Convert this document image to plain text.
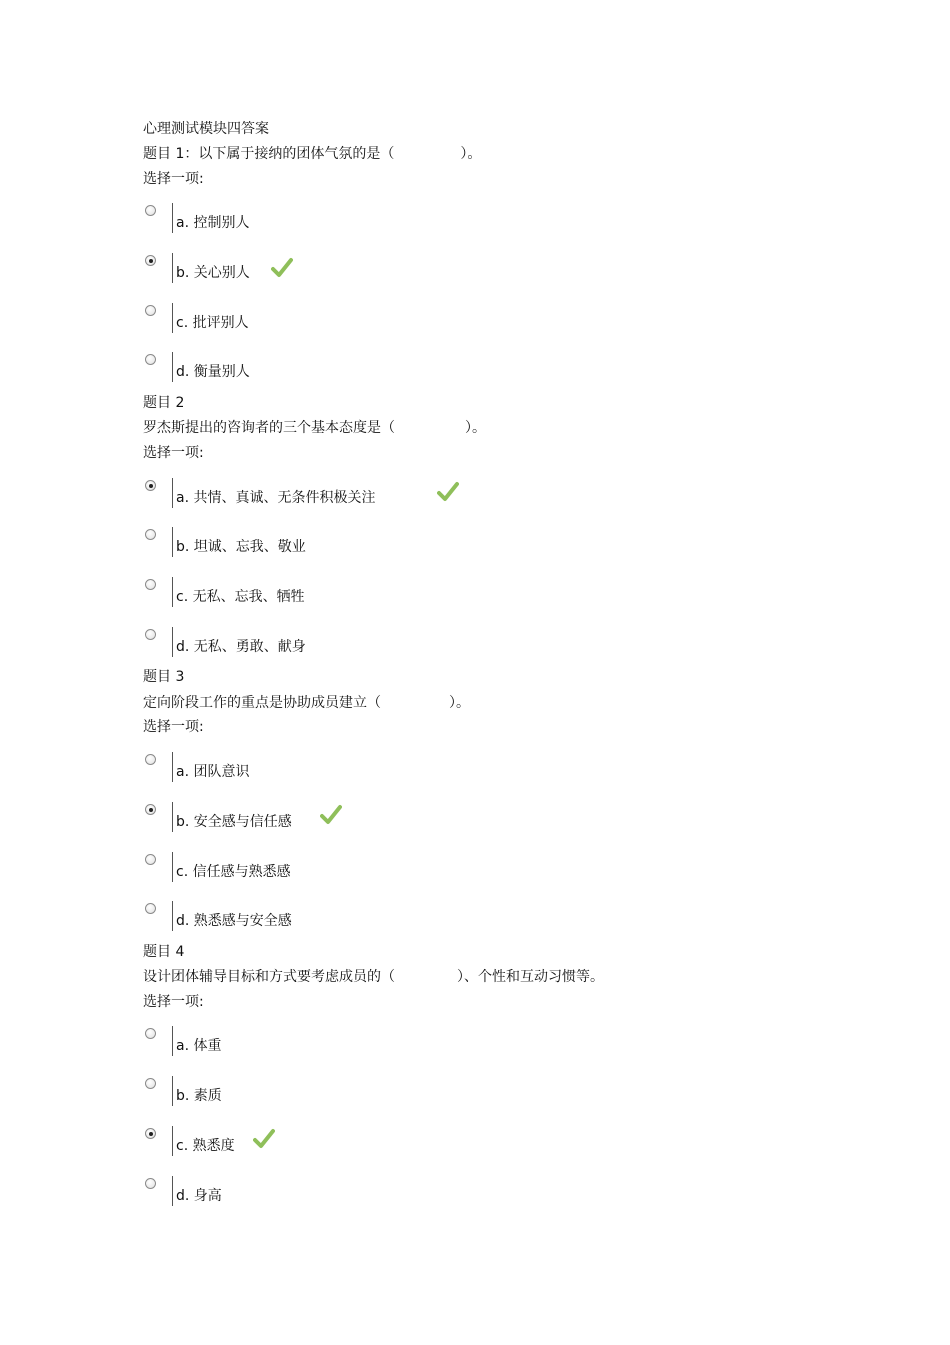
心理测试模块四答案
题目 1：以下属于接纳的团体气氛的是（	）。
选择一项:
a. 控制别人
b. 关心别人
c. 批评别人
d. 衡量别人
题目 2
罗杰斯提出的咨询者的三个基本态度是（	）。
选择一项:
a. 共情、真诚、无条件积极关注
b. 坦诚、忘我、敬业
c. 无私、忘我、牺牲
d. 无私、勇敢、献身
题目 3
定向阶段工作的重点是协助成员建立（	）。
选择一项:
a. 团队意识
b. 安全感与信任感
c. 信任感与熟悉感
d. 熟悉感与安全感
题目 4
设计团体辅导目标和方式要考虑成员的（	）、个性和互动习惯等。
选择一项:
a. 体重
b. 素质
c. 熟悉度
d. 身高
